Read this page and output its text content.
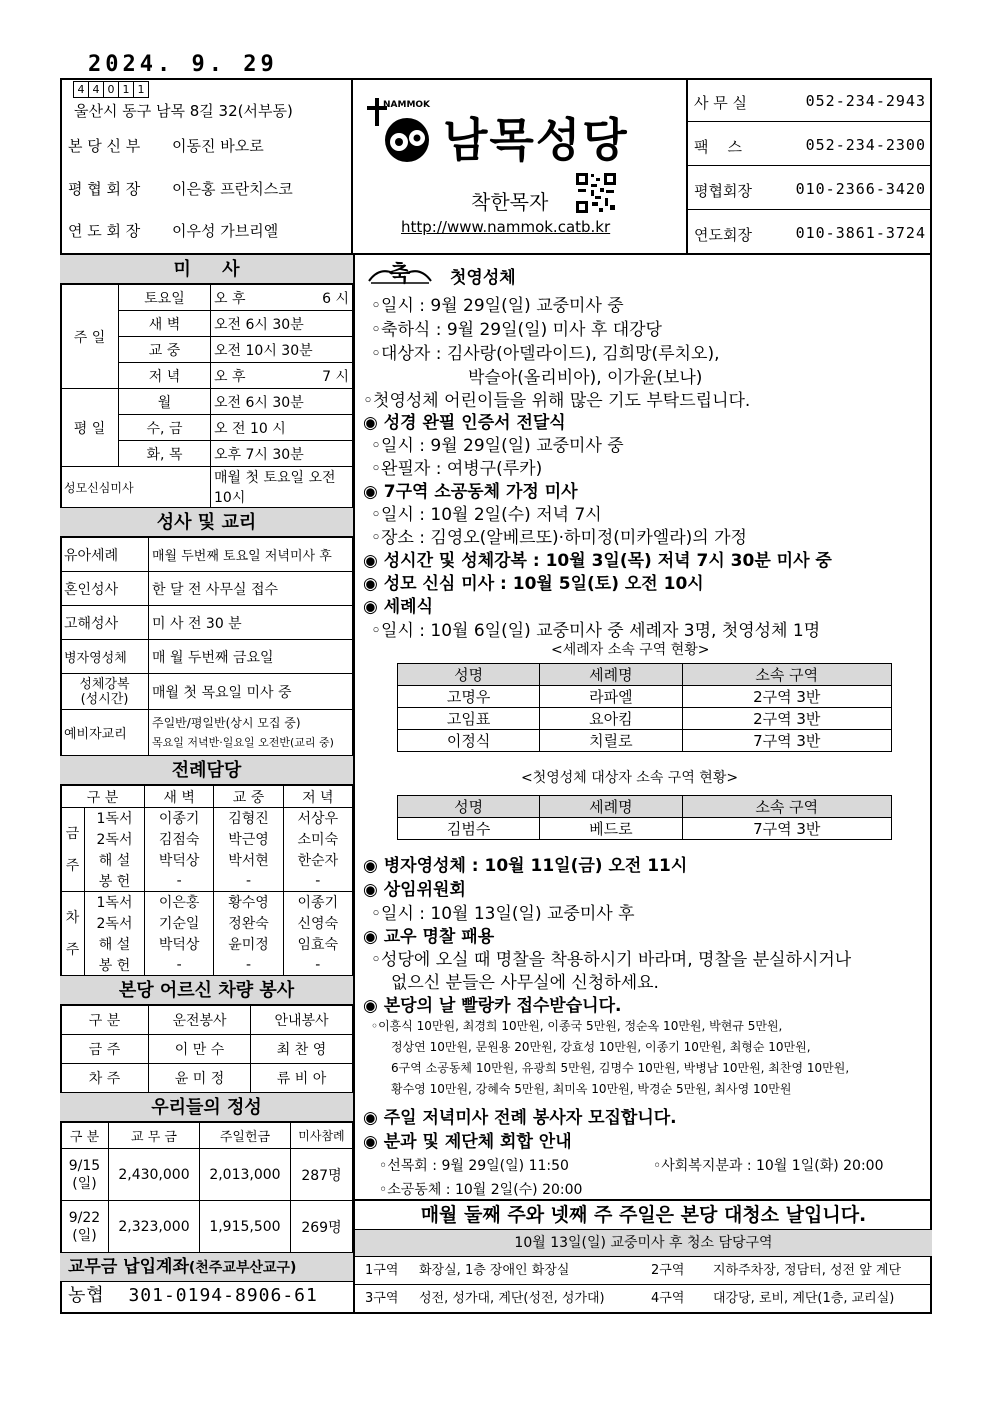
2024. 9. 29
4 4 0 1 1
울산시 동구 남목 8길 32(서부동)
본 당 신 부 이동진 바오로
평 협 회 장 이은홍 프란치스코
연 도 회 장 이우성 가브리엘
NAMMOK
남목성당
착한목자
http://www.nammok.catb.kr
사 무 실	052-234-2943
팩    스	052-234-2300
평협회장	010-2366-3420
연도회장	010-3861-3724
미     사
주 일	토요일	오 후	6 시
	새 벽	오전 6시 30분	
	교 중	오전 10시 30분	
	저 녁	오 후	7 시
평 일	월	오전 6시 30분	
	수, 금	오 전 10 시	
	화, 목	오후 7시 30분	
성모신심미사		매월 첫 토요일 오전 10시	
성사 및 교리
유아세례	매월 두번째 토요일 저녁미사 후
혼인성사	한 달 전 사무실 접수
고해성사	미 사 전 30 분
병자영성체	매 월 두번째 금요일
성체강복
(성시간)	매월 첫 목요일 미사 중
예비자교리	주일반/평일반(상시 모집 중)
목요일 저녁반·일요일 오전반(교리 중)
전례담당
구 분		새 벽	교 중	저 녁
금
주	1독서	이종기	김형진	서상우
	2독서	김점숙	박근영	소미숙
	해 설	박덕상	박서현	한순자
	봉 헌	-	-	-
차
주	1독서	이은홍	황수영	이종기
	2독서	기순일	정완숙	신영숙
	해 설	박덕상	윤미정	임효숙
	봉 헌	-	-	-
본당 어르신 차량 봉사
구 분	운전봉사	안내봉사
금 주	이 만 수	최 찬 영
차 주	윤 미 정	류 비 아
우리들의 정성
구 분	교 무 금	주일헌금	미사참례
9/15
(일)	2,430,000	2,013,000	287명
9/22
(일)	2,323,000	1,915,500	269명
교무금 납입계좌(천주교부산교구)
농협  301-0194-8906-61
축 첫영성체
◦일시 : 9월 29일(일) 교중미사 중
◦축하식 : 9월 29일(일) 미사 후 대강당
◦대상자 : 김사랑(아델라이드), 김희망(루치오),
박슬아(올리비아), 이가윤(보나)
◦첫영성체 어린이들을 위해 많은 기도 부탁드립니다.
◉ 성경 완필 인증서 전달식
◦일시 : 9월 29일(일) 교중미사 중
◦완필자 : 여병구(루카)
◉ 7구역 소공동체 가정 미사
◦일시 : 10월 2일(수) 저녁 7시
◦장소 : 김영오(알베르또)·하미정(미카엘라)의 가정
◉ 성시간 및 성체강복 : 10월 3일(목) 저녁 7시 30분 미사 중
◉ 성모 신심 미사 : 10월 5일(토) 오전 10시
◉ 세례식
◦일시 : 10월 6일(일) 교중미사 중 세례자 3명, 첫영성체 1명
<세례자 소속 구역 현황>
성명	세례명	소속 구역
고명우	라파엘	2구역 3반
고임표	요아킴	2구역 3반
이정식	치릴로	7구역 3반
<첫영성체 대상자 소속 구역 현황>
성명	세례명	소속 구역
김범수	베드로	7구역 3반
◉ 병자영성체 : 10월 11일(금) 오전 11시
◉ 상임위원회
◦일시 : 10월 13일(일) 교중미사 후
◉ 교우 명찰 패용
◦성당에 오실 때 명찰을 착용하시기 바라며, 명찰을 분실하시거나
없으신 분들은 사무실에 신청하세요.
◉ 본당의 날 빨랑카 접수받습니다.
◦이흥식 10만원, 최경희 10만원, 이종국 5만원, 정순옥 10만원, 박현규 5만원,
정상연 10만원, 문원용 20만원, 강효성 10만원, 이종기 10만원, 최형순 10만원,
6구역 소공동체 10만원, 유광희 5만원, 김명수 10만원, 박병남 10만원, 최찬영 10만원,
황수영 10만원, 강혜숙 5만원, 최미옥 10만원, 박경순 5만원, 최사영 10만원
◉ 주일 저녁미사 전례 봉사자 모집합니다.
◉ 분과 및 제단체 회합 안내
◦선목회 : 9월 29일(일) 11:50	◦사회복지분과 : 10월 1일(화) 20:00
◦소공동체 : 10월 2일(수) 20:00
매월 둘째 주와 넷째 주 주일은 본당 대청소 날입니다.
10월 13일(일) 교중미사 후 청소 담당구역
1구역 화장실, 1층 장애인 화장실	2구역 지하주차장, 정담터, 성전 앞 계단
3구역 성전, 성가대, 계단(성전, 성가대)	4구역 대강당, 로비, 계단(1층, 교리실)
